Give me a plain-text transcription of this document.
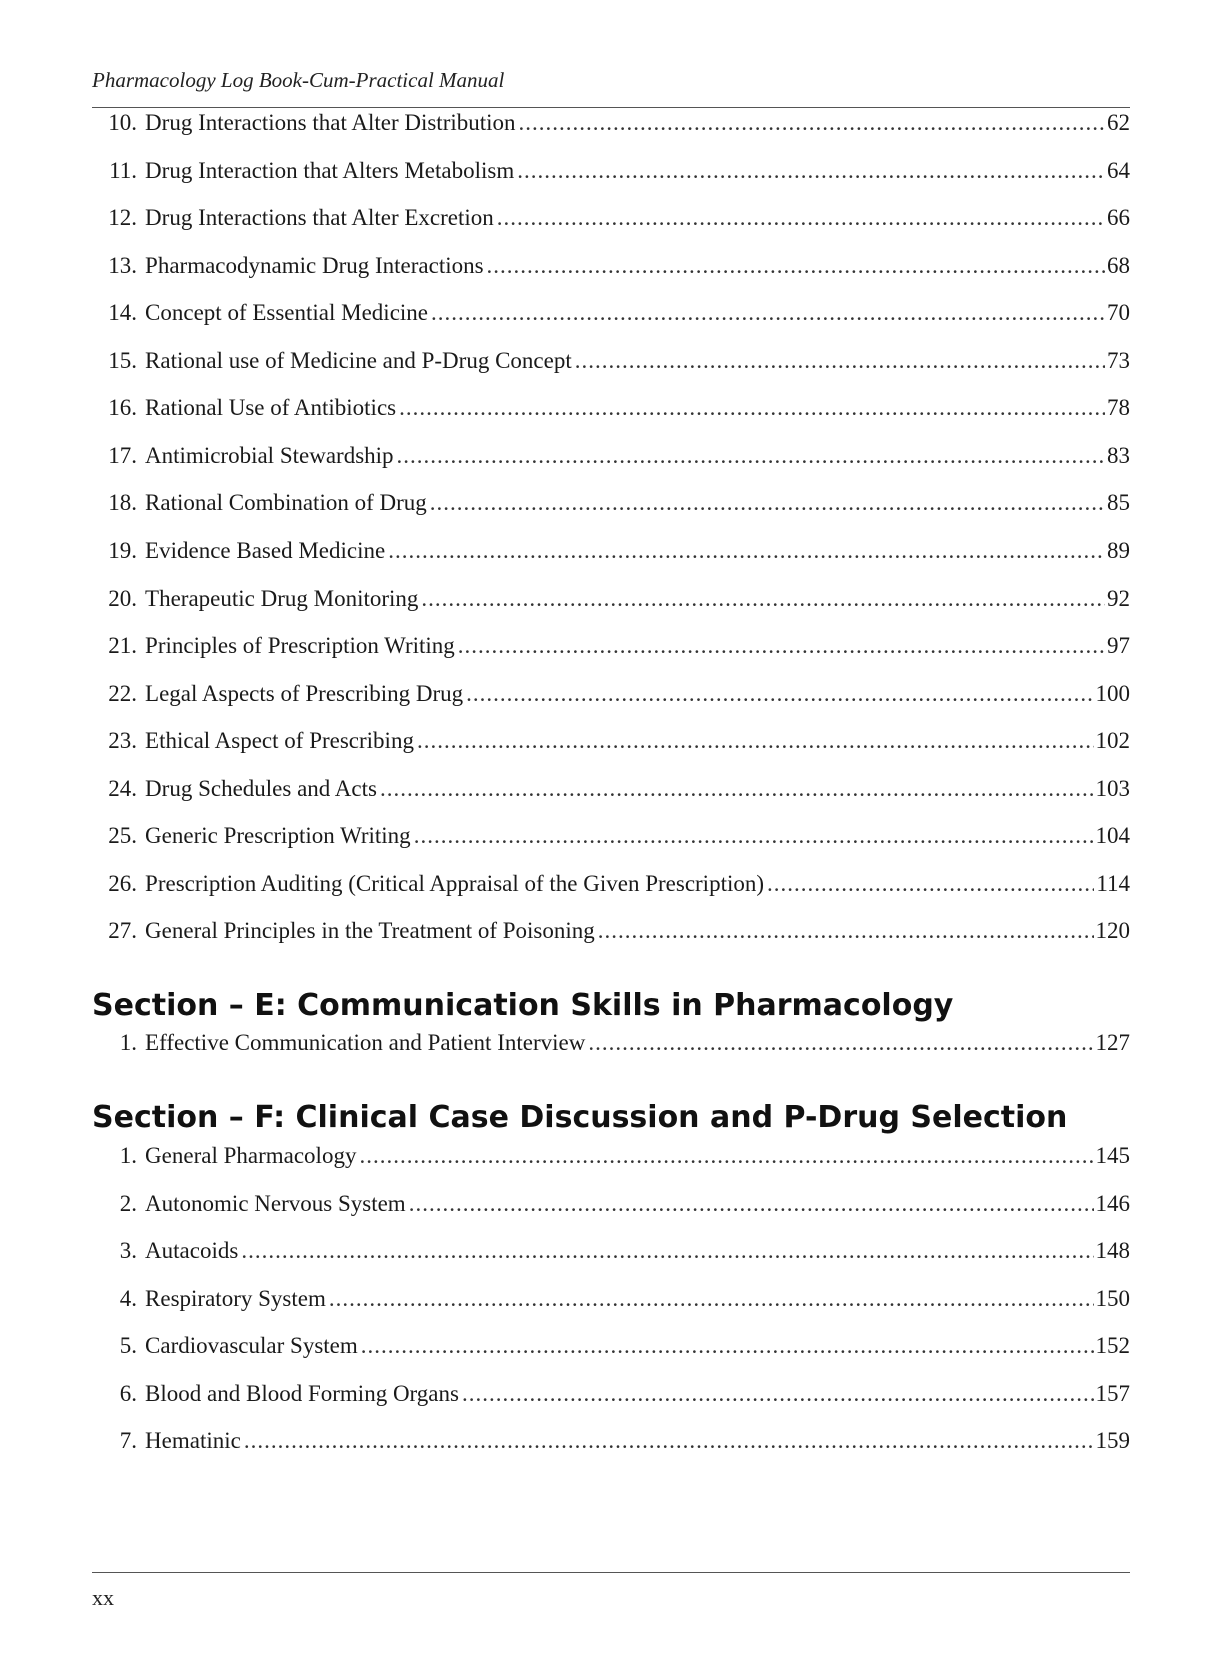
Pharmacology Log Book-Cum-Practical Manual
10. Drug Interactions that Alter Distribution .....	62
11. Drug Interaction that Alters Metabolism .....	64
12. Drug Interactions that Alter Excretion .....	66
13. Pharmacodynamic Drug Interactions .....	68
14. Concept of Essential Medicine .....	70
15. Rational use of Medicine and P-Drug Concept .....	73
16. Rational Use of Antibiotics .....	78
17. Antimicrobial Stewardship .....	83
18. Rational Combination of Drug .....	85
19. Evidence Based Medicine .....	89
20. Therapeutic Drug Monitoring .....	92
21. Principles of Prescription Writing .....	97
22. Legal Aspects of Prescribing Drug .....	100
23. Ethical Aspect of Prescribing .....	102
24. Drug Schedules and Acts .....	103
25. Generic Prescription Writing .....	104
26. Prescription Auditing (Critical Appraisal of the Given Prescription) .....	114
27. General Principles in the Treatment of Poisoning .....	120
Section – E: Communication Skills in Pharmacology
1. Effective Communication and Patient Interview .....	127
Section – F: Clinical Case Discussion and P-Drug Selection
1. General Pharmacology .....	145
2. Autonomic Nervous System .....	146
3. Autacoids .....	148
4. Respiratory System .....	150
5. Cardiovascular System .....	152
6. Blood and Blood Forming Organs .....	157
7. Hematinic .....	159
xx
